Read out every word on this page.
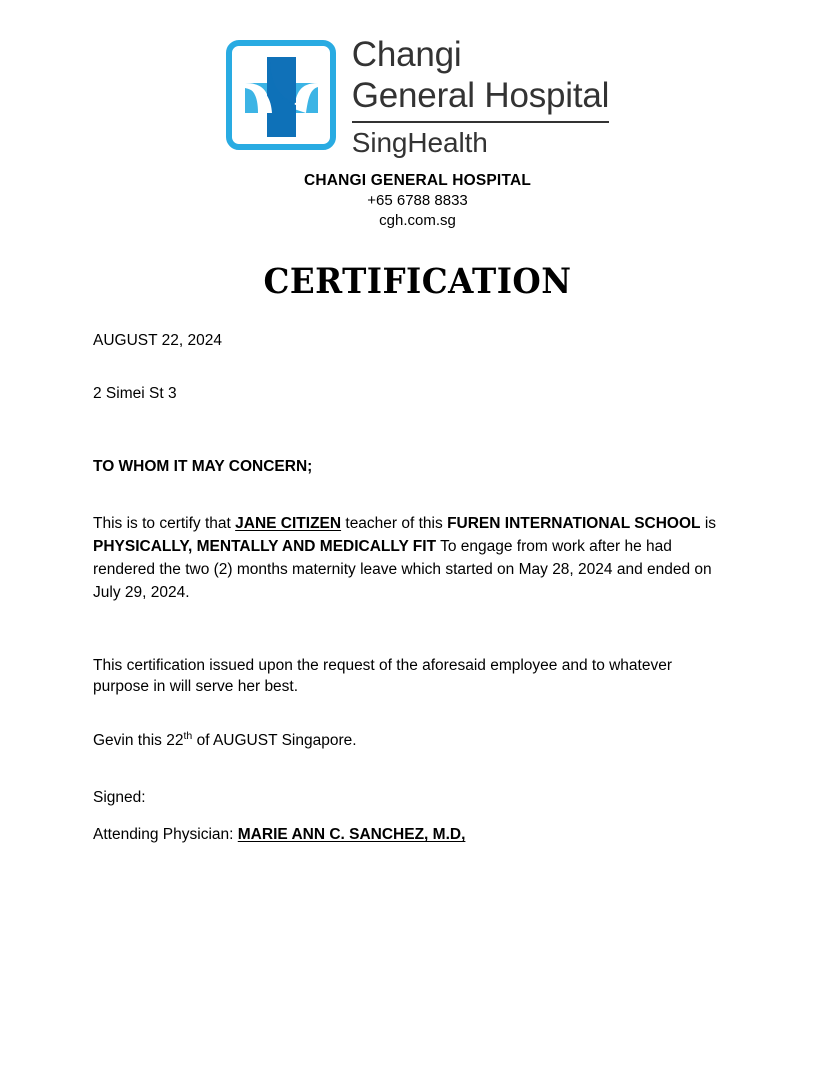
Changi
General Hospital
SingHealth
CHANGI GENERAL HOSPITAL
+65 6788 8833
cgh.com.sg
CERTIFICATION
AUGUST 22, 2024
2 Simei St 3
TO WHOM IT MAY CONCERN;
This is to certify that JANE CITIZEN teacher of this FUREN INTERNATIONAL SCHOOL is PHYSICALLY, MENTALLY AND MEDICALLY FIT To engage from work after he had rendered the two (2) months maternity leave which started on May 28, 2024 and ended on July 29, 2024.
This certification issued upon the request of the aforesaid employee and to whatever purpose in will serve her best.
Gevin this 22th of AUGUST Singapore.
Signed:
Attending Physician: MARIE ANN C. SANCHEZ, M.D,
